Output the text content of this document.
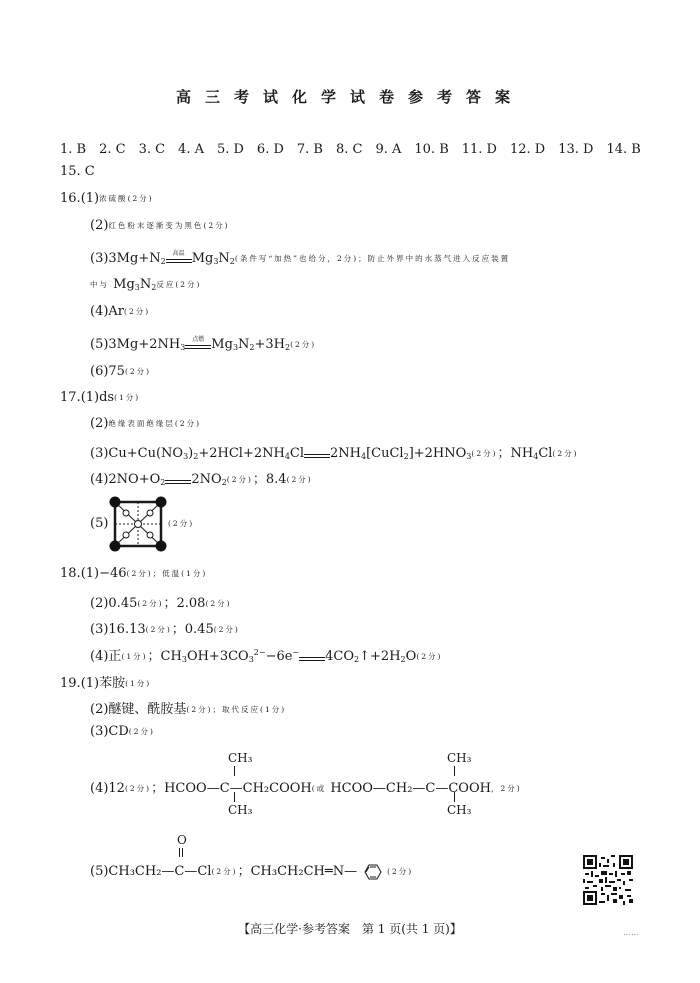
高三考试化学试卷参考答案
1. B　2. C　3. C　4. A　5. D　6. D　7. B　8. C　9. A　10. B　11. D　12. D　13. D　14. B
15. C
16.(1)浓硫酸(2分)
(2)红色粉末逐渐变为黑色(2分)
$(3)3Mg+N_2$
高温 $Mg_3N_2$(条件写“加热”也给分，2分)；防止外界中的水蒸气进入反应装置
中与 $Mg_3N_2$反应(2分)
(4)Ar(2分)
$(5)3Mg+2NH_3$
点燃 $Mg_3N_2+3H_2(2$分)
(6)75(2分)
17.(1)ds(1分)
(2)绝缘表面绝缘层(2分)
$(3)Cu+Cu(NO_3)_2+2HCl+2NH_4Cl$ $2NH_4[CuCl_2]+2HNO_3(2$分)；$NH_4Cl(2$分)
$(4)2NO+O_2$ $2NO_2(2$分)；8.4(2分)
(5)	(2分)
18.(1)−46(2分)；低温(1分)
(2)0.45(2分)；2.08(2分)
(3)16.13(2分)；0.45(2分)
(4)正(1分)；$CH_3OH+3CO_3^{2-}-6e^-$ $4CO_2↑+2H_2O(2$分)
19.(1)苯胺(1分)
(2)醚键、酰胺基(2分)；取代反应(1分)
(3)CD(2分)
CH₃
(4)12(2分)；HCOO—C—CH₂COOH(或 HCOO—CH₂—C—COOH，2分)
CH₃
CH₃
CH₃
O
(5)CH₃CH₂—C—Cl(2分)；CH₃CH₂CH═N—	(2分)
【高三化学·参考答案　第 1 页(共 1 页)】	……
